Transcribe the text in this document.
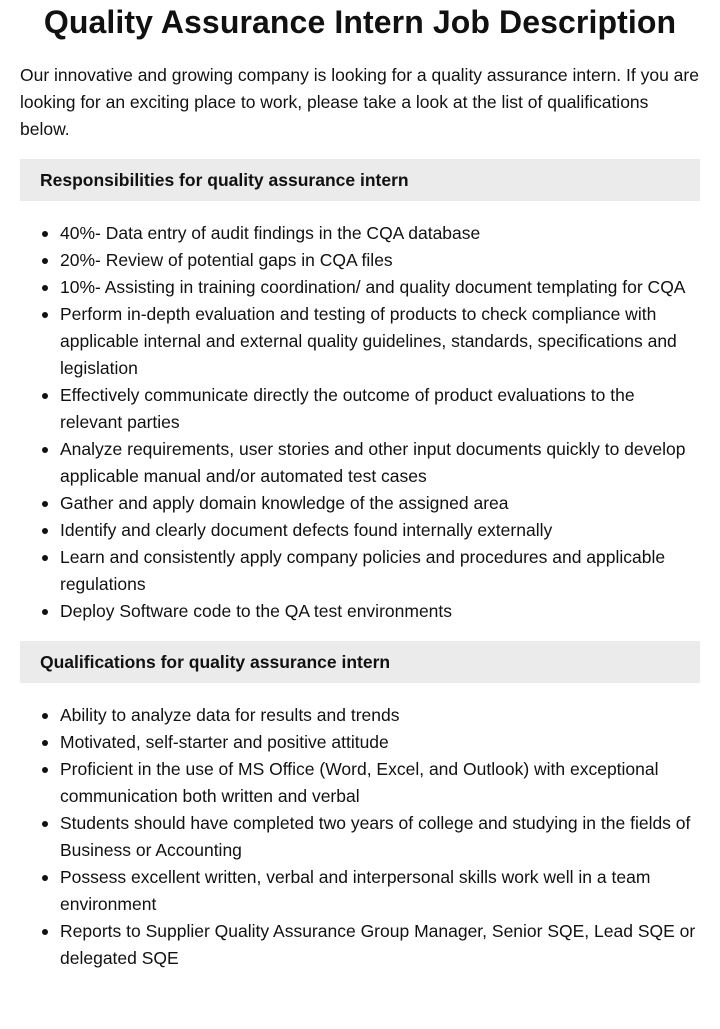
Quality Assurance Intern Job Description

Our innovative and growing company is looking for a quality assurance intern. If you are looking for an exciting place to work, please take a look at the list of qualifications below.

Responsibilities for quality assurance intern
40%- Data entry of audit findings in the CQA database
20%- Review of potential gaps in CQA files
10%- Assisting in training coordination/ and quality document templating for CQA
Perform in-depth evaluation and testing of products to check compliance with applicable internal and external quality guidelines, standards, specifications and legislation
Effectively communicate directly the outcome of product evaluations to the relevant parties
Analyze requirements, user stories and other input documents quickly to develop applicable manual and/or automated test cases
Gather and apply domain knowledge of the assigned area
Identify and clearly document defects found internally externally
Learn and consistently apply company policies and procedures and applicable regulations
Deploy Software code to the QA test environments
Qualifications for quality assurance intern
Ability to analyze data for results and trends
Motivated, self-starter and positive attitude
Proficient in the use of MS Office (Word, Excel, and Outlook) with exceptional communication both written and verbal
Students should have completed two years of college and studying in the fields of Business or Accounting
Possess excellent written, verbal and interpersonal skills work well in a team environment
Reports to Supplier Quality Assurance Group Manager, Senior SQE, Lead SQE or delegated SQE
